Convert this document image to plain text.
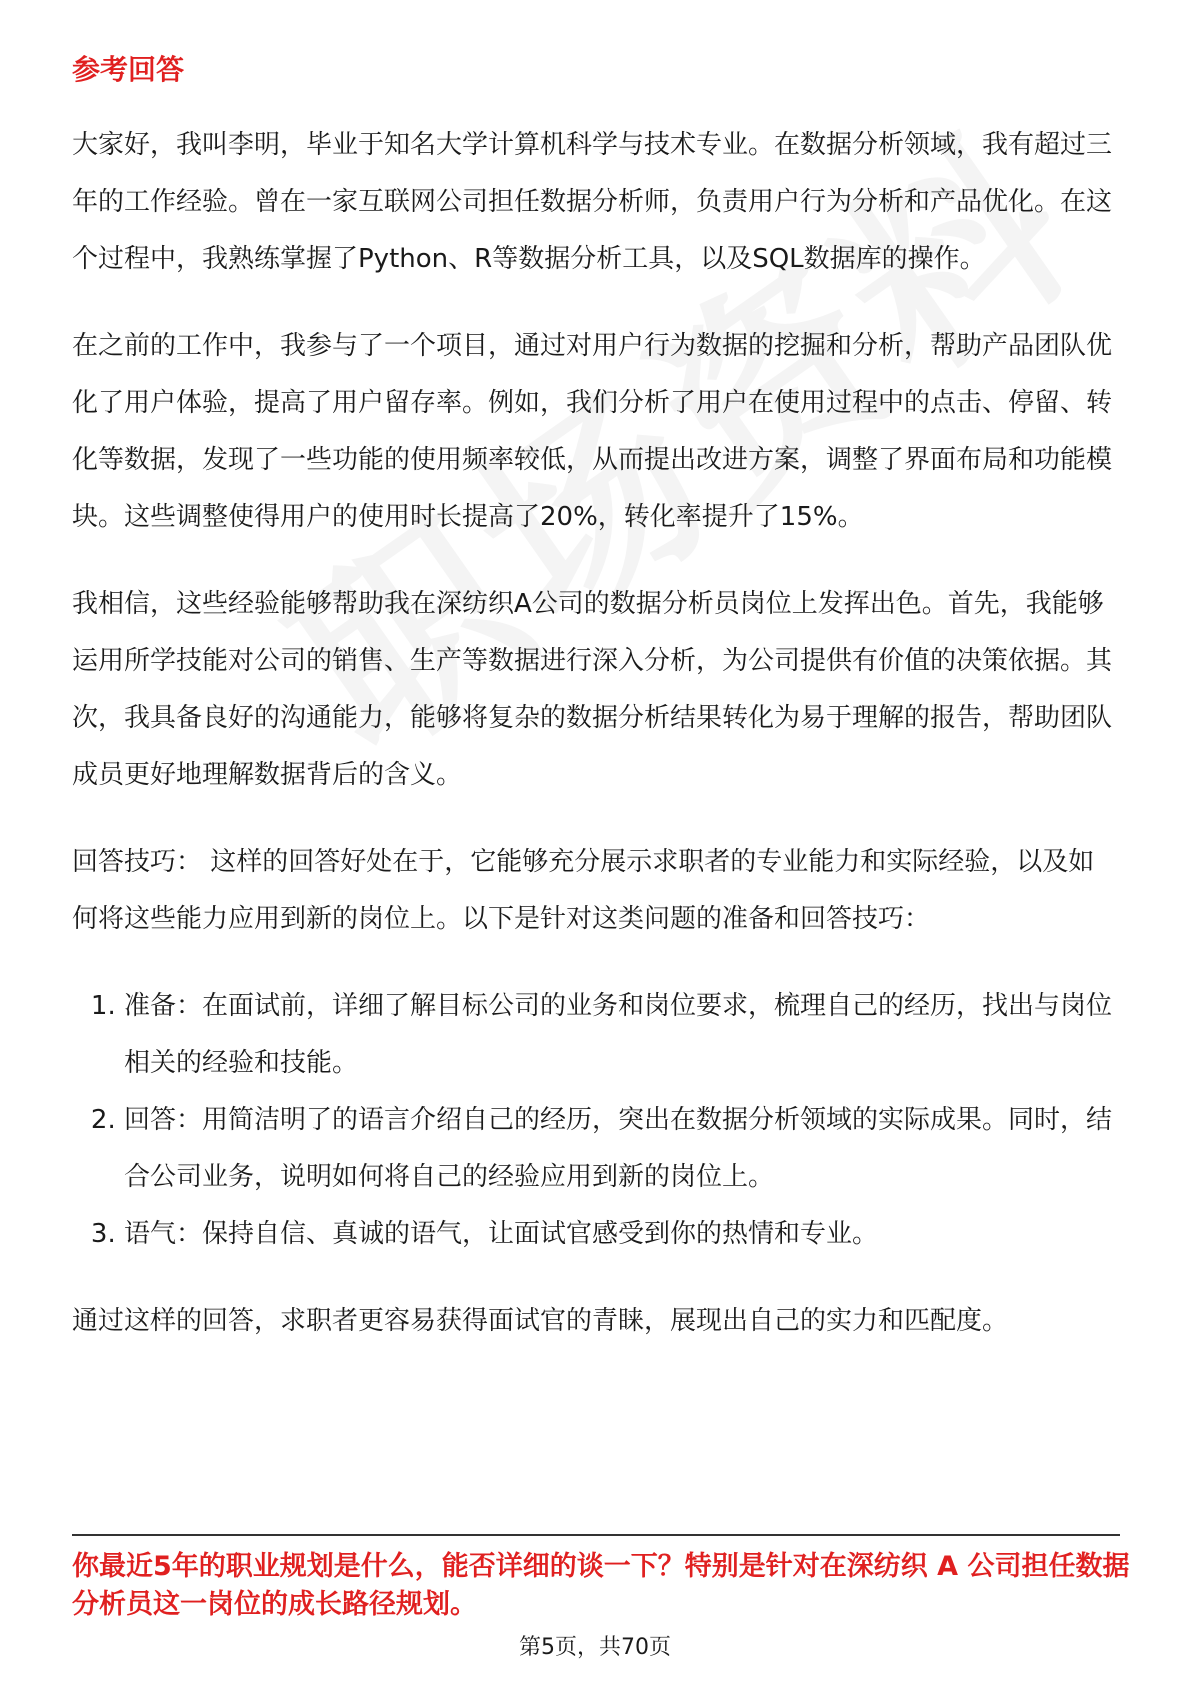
参考回答

大家好，我叫李明，毕业于知名大学计算机科学与技术专业。在数据分析领域，我有超过三年的工作经验。曾在一家互联网公司担任数据分析师，负责用户行为分析和产品优化。在这个过程中，我熟练掌握了Python、R等数据分析工具，以及SQL数据库的操作。

在之前的工作中，我参与了一个项目，通过对用户行为数据的挖掘和分析，帮助产品团队优化了用户体验，提高了用户留存率。例如，我们分析了用户在使用过程中的点击、停留、转化等数据，发现了一些功能的使用频率较低，从而提出改进方案，调整了界面布局和功能模块。这些调整使得用户的使用时长提高了20%，转化率提升了15%。

我相信，这些经验能够帮助我在深纺织A公司的数据分析员岗位上发挥出色。首先，我能够运用所学技能对公司的销售、生产等数据进行深入分析，为公司提供有价值的决策依据。其次，我具备良好的沟通能力，能够将复杂的数据分析结果转化为易于理解的报告，帮助团队成员更好地理解数据背后的含义。

回答技巧： 这样的回答好处在于，它能够充分展示求职者的专业能力和实际经验，以及如何将这些能力应用到新的岗位上。以下是针对这类问题的准备和回答技巧：

1. 准备：在面试前，详细了解目标公司的业务和岗位要求，梳理自己的经历，找出与岗位相关的经验和技能。
2. 回答：用简洁明了的语言介绍自己的经历，突出在数据分析领域的实际成果。同时，结合公司业务，说明如何将自己的经验应用到新的岗位上。
3. 语气：保持自信、真诚的语气，让面试官感受到你的热情和专业。

通过这样的回答，求职者更容易获得面试官的青睐，展现出自己的实力和匹配度。

你最近5年的职业规划是什么，能否详细的谈一下？特别是针对在深纺织 A 公司担任数据分析员这一岗位的成长路径规划。
第5页，共70页
